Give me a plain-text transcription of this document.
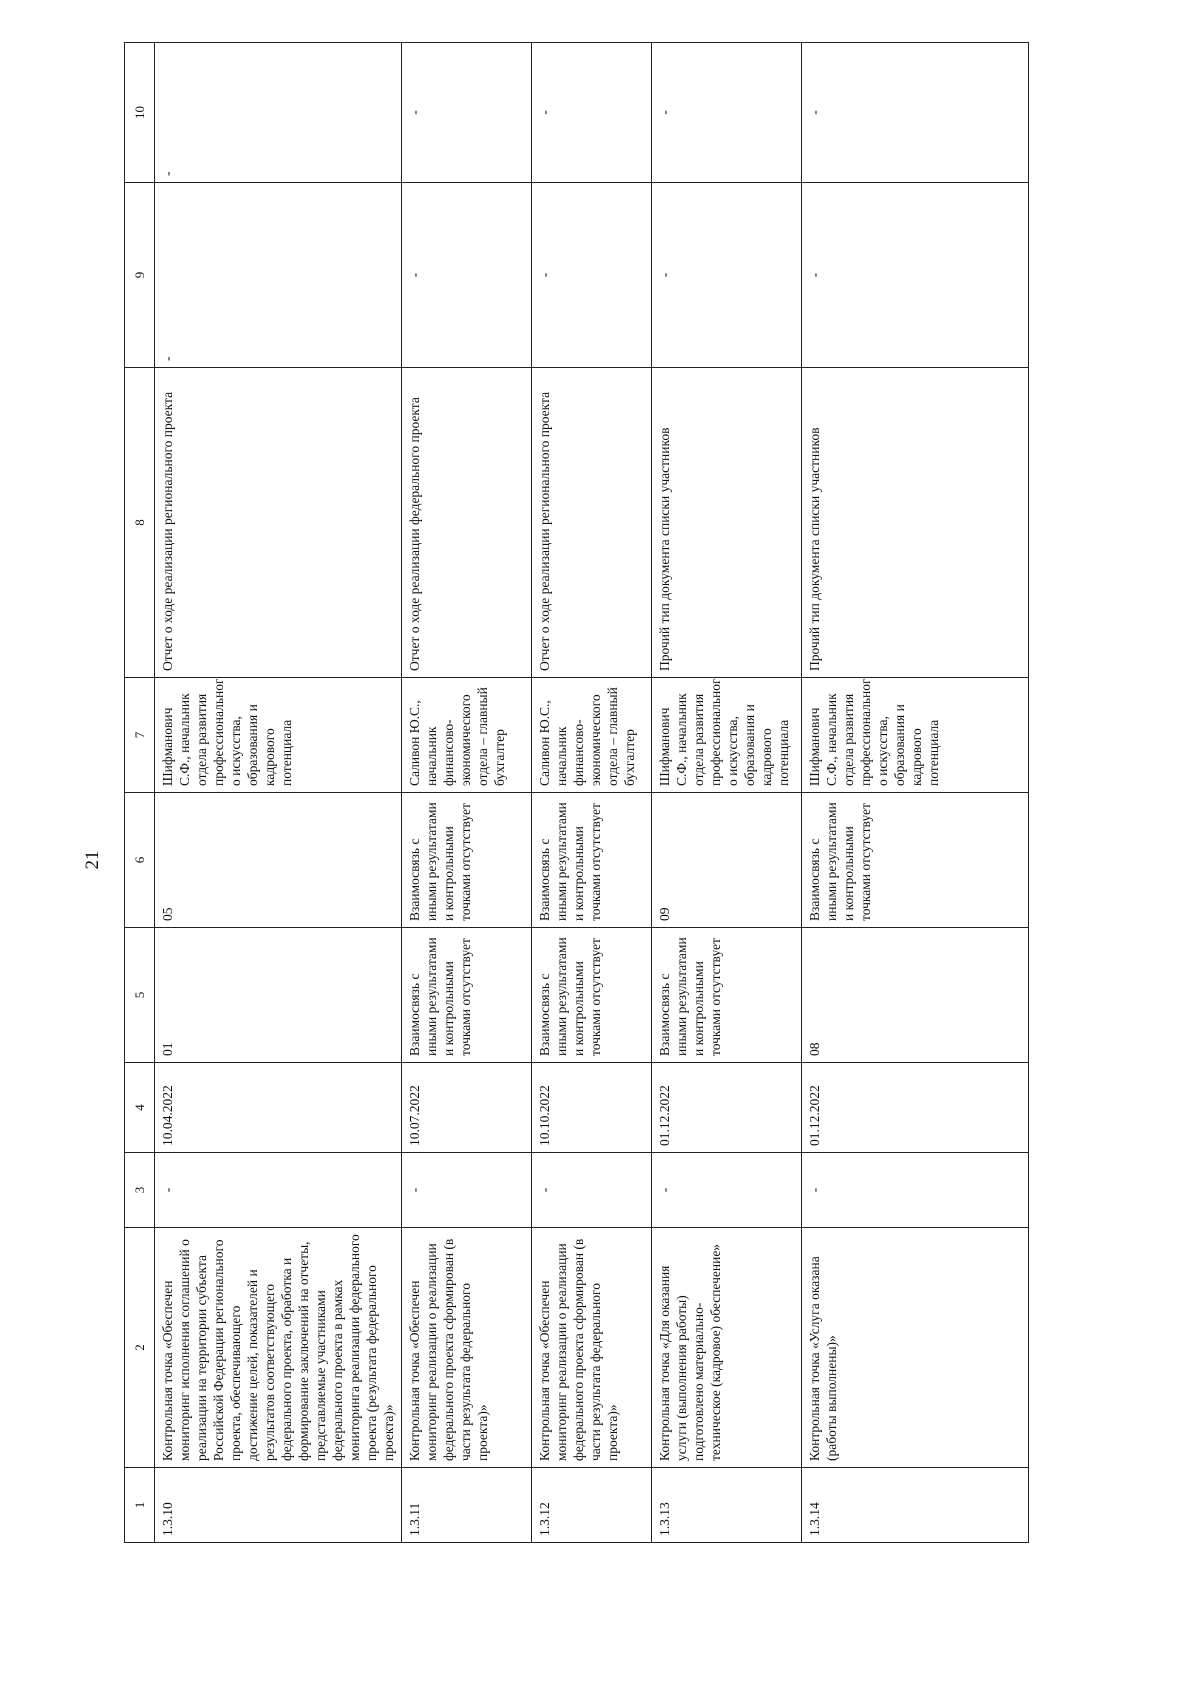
21
1	2	3	4	5	6	7	8	9	10
1.3.10	Контрольная точка «Обеспечен мониторинг исполнения соглашений о реализации на территории субъекта Российской Федерации регионального проекта, обеспечивающего достижение целей, показателей и результатов соответствующего федерального проекта, обработка и формирование заключений на отчеты, представляемые участниками федерального проекта в рамках мониторинга реализации федерального проекта (результата федерального проекта)»	-	10.04.2022	01	05	Шифманович С.Ф., начальник отдела развития профессиональног о искусства, образования и кадрового потенциала	Отчет о ходе реализации регионального проекта	-	-
1.3.11	Контрольная точка «Обеспечен мониторинг реализации о реализации федерального проекта сформирован (в части результата федерального проекта)»	-	10.07.2022	Взаимосвязь с иными результатами и контрольными точками отсутствует	Взаимосвязь с иными результатами и контрольными точками отсутствует	Саливон Ю.С., начальник финансово-экономического отдела – главный бухгалтер	Отчет о ходе реализации федерального проекта	-	-
1.3.12	Контрольная точка «Обеспечен мониторинг реализации о реализации федерального проекта сформирован (в части результата федерального проекта)»	-	10.10.2022	Взаимосвязь с иными результатами и контрольными точками отсутствует	Взаимосвязь с иными результатами и контрольными точками отсутствует	Саливон Ю.С., начальник финансово-экономического отдела – главный бухгалтер	Отчет о ходе реализации регионального проекта	-	-
1.3.13	Контрольная точка «Для оказания услуги (выполнения работы) подготовлено материально-техническое (кадровое) обеспечение»	-	01.12.2022	Взаимосвязь с иными результатами и контрольными точками отсутствует	09	Шифманович С.Ф., начальник отдела развития профессиональног о искусства, образования и кадрового потенциала	Прочий тип документа списки участников	-	-
1.3.14	Контрольная точка «Услуга оказана (работы выполнены)»	-	01.12.2022	08	Взаимосвязь с иными результатами и контрольными точками отсутствует	Шифманович С.Ф., начальник отдела развития профессиональног о искусства, образования и кадрового потенциала	Прочий тип документа списки участников	-	-
